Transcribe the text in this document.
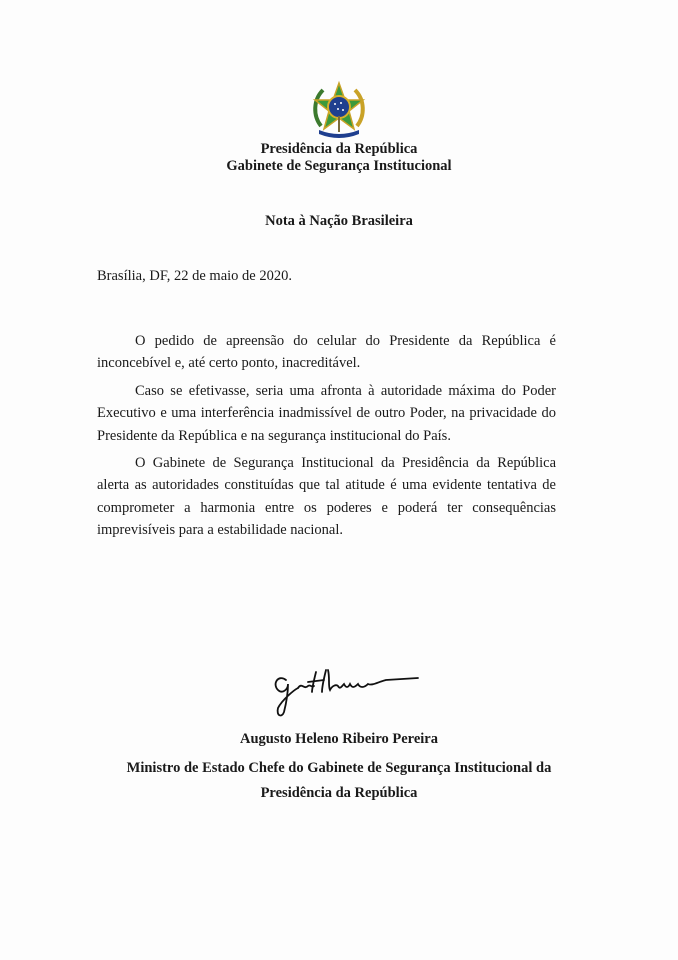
Presidência da República
Gabinete de Segurança Institucional
Nota à Nação Brasileira
Brasília, DF, 22 de maio de 2020.

O pedido de apreensão do celular do Presidente da República é inconcebível e, até certo ponto, inacreditável.

Caso se efetivasse, seria uma afronta à autoridade máxima do Poder Executivo e uma interferência inadmissível de outro Poder, na privacidade do Presidente da República e na segurança institucional do País.

O Gabinete de Segurança Institucional da Presidência da República alerta as autoridades constituídas que tal atitude é uma evidente tentativa de comprometer a harmonia entre os poderes e poderá ter consequências imprevisíveis para a estabilidade nacional.

Augusto Heleno Ribeiro Pereira
Ministro de Estado Chefe do Gabinete de Segurança Institucional da Presidência da República
